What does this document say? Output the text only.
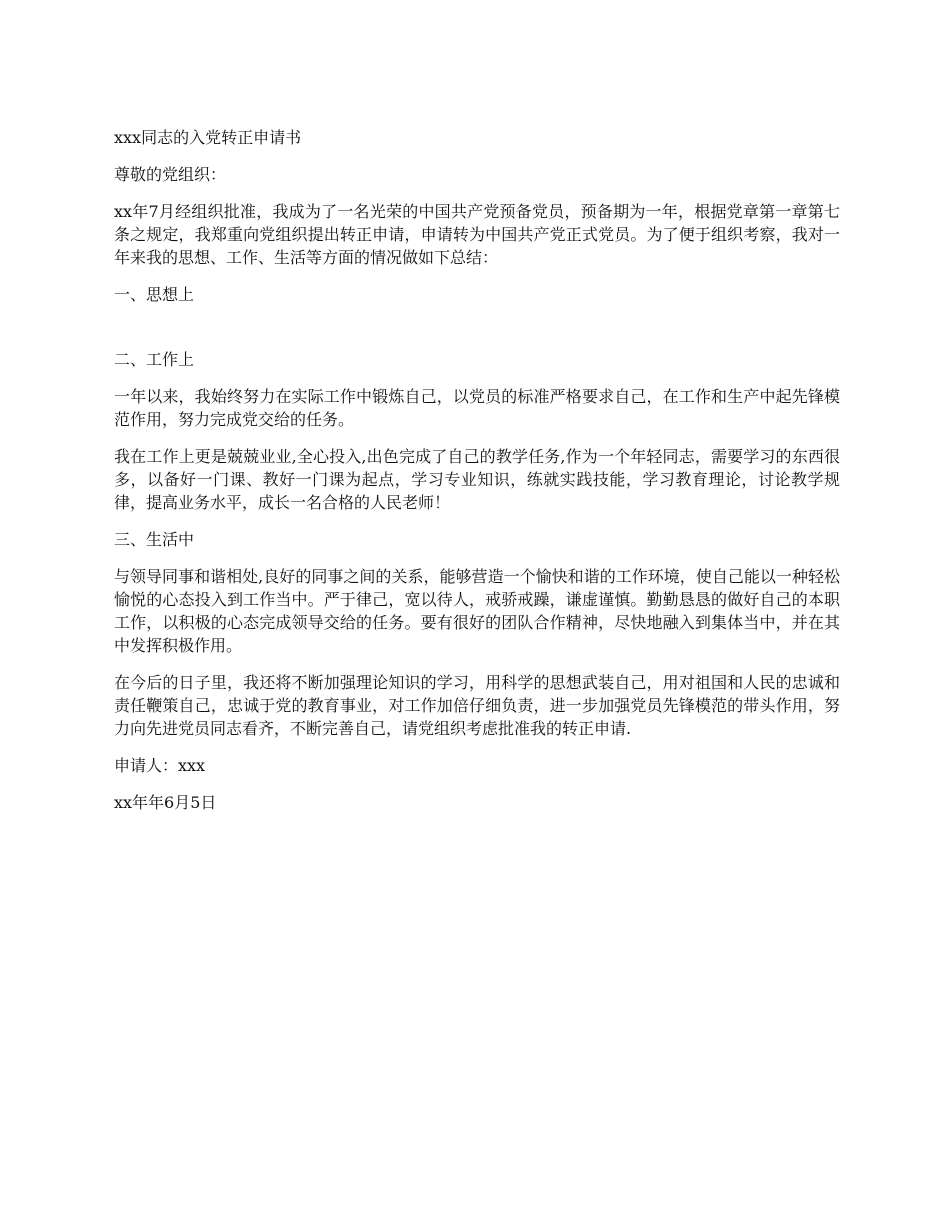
xxx同志的入党转正申请书

尊敬的党组织：

xx年7月经组织批准，我成为了一名光荣的中国共产党预备党员，预备期为一年，根据党章第一章第七条之规定，我郑重向党组织提出转正申请，申请转为中国共产党正式党员。为了便于组织考察，我对一年来我的思想、工作、生活等方面的情况做如下总结：

一、思想上

二、工作上

一年以来，我始终努力在实际工作中锻炼自己，以党员的标准严格要求自己，在工作和生产中起先锋模范作用，努力完成党交给的任务。

我在工作上更是兢兢业业,全心投入,出色完成了自己的教学任务,作为一个年轻同志，需要学习的东西很多，以备好一门课、教好一门课为起点，学习专业知识，练就实践技能，学习教育理论，讨论教学规律，提高业务水平，成长一名合格的人民老师！

三、生活中

与领导同事和谐相处,良好的同事之间的关系，能够营造一个愉快和谐的工作环境，使自己能以一种轻松愉悦的心态投入到工作当中。严于律己，宽以待人，戒骄戒躁，谦虚谨慎。勤勤恳恳的做好自己的本职工作，以积极的心态完成领导交给的任务。要有很好的团队合作精神，尽快地融入到集体当中，并在其中发挥积极作用。

在今后的日子里，我还将不断加强理论知识的学习，用科学的思想武装自己，用对祖国和人民的忠诚和责任鞭策自己，忠诚于党的教育事业，对工作加倍仔细负责，进一步加强党员先锋模范的带头作用，努力向先进党员同志看齐，不断完善自己，请党组织考虑批准我的转正申请.

申请人：xxx

xx年年6月5日
